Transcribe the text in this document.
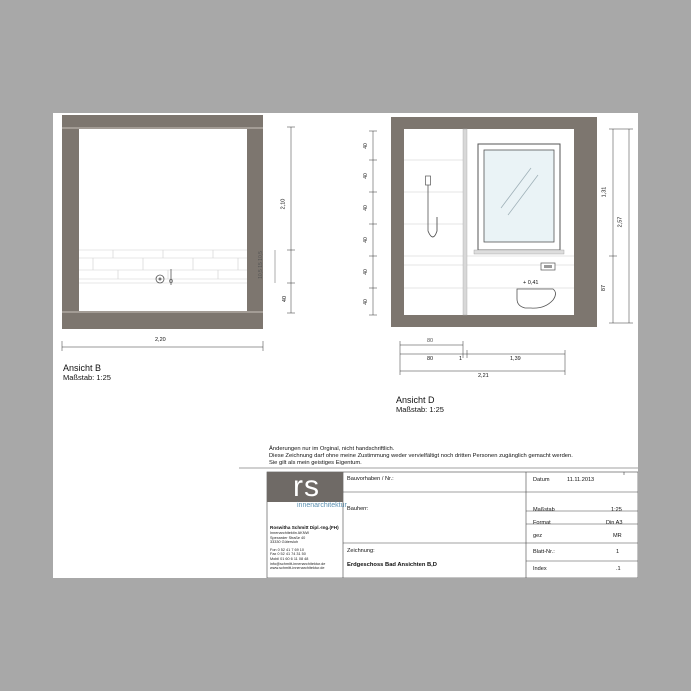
Ansicht B
Maßstab: 1:25
2,20
2,10
10,5 15 10,5
40
Ansicht D
Maßstab: 1:25
40
40
40
40
40
40
1,31
87
2,57
80
80	1	1,39
2,21
+ 0,41
Änderungen nur im Orginal, nicht handschriftlich.
Diese Zeichnung darf ohne meine Zustimmung weder vervielfältigt noch dritten Personen zugänglich gemacht werden.
Sie gilt als mein geistiges Eigentum.
rs
innenarchitektur
Roswitha Schmitt Dipl.-Ing.(FH)
Innenarchitektin AKNW
Spexarder Straße 40
33330 Gütersloh
Fon 0 52 41 7 69 10
Fax 0 52 41 74 31 50
Mobil 01 60 6 11 08 48
info@schmitt-innenarchitektur.de
www.schmitt-innenarchitektur.de
Bauvorhaben / Nr.:
Bauherr:
Zeichnung:
Erdgeschoss Bad Ansichten B,D
Datum	11.11.2013
Maßstab	1:25
Format	Din A3
gez	MR
Blatt-Nr.:	1
Index	.1
